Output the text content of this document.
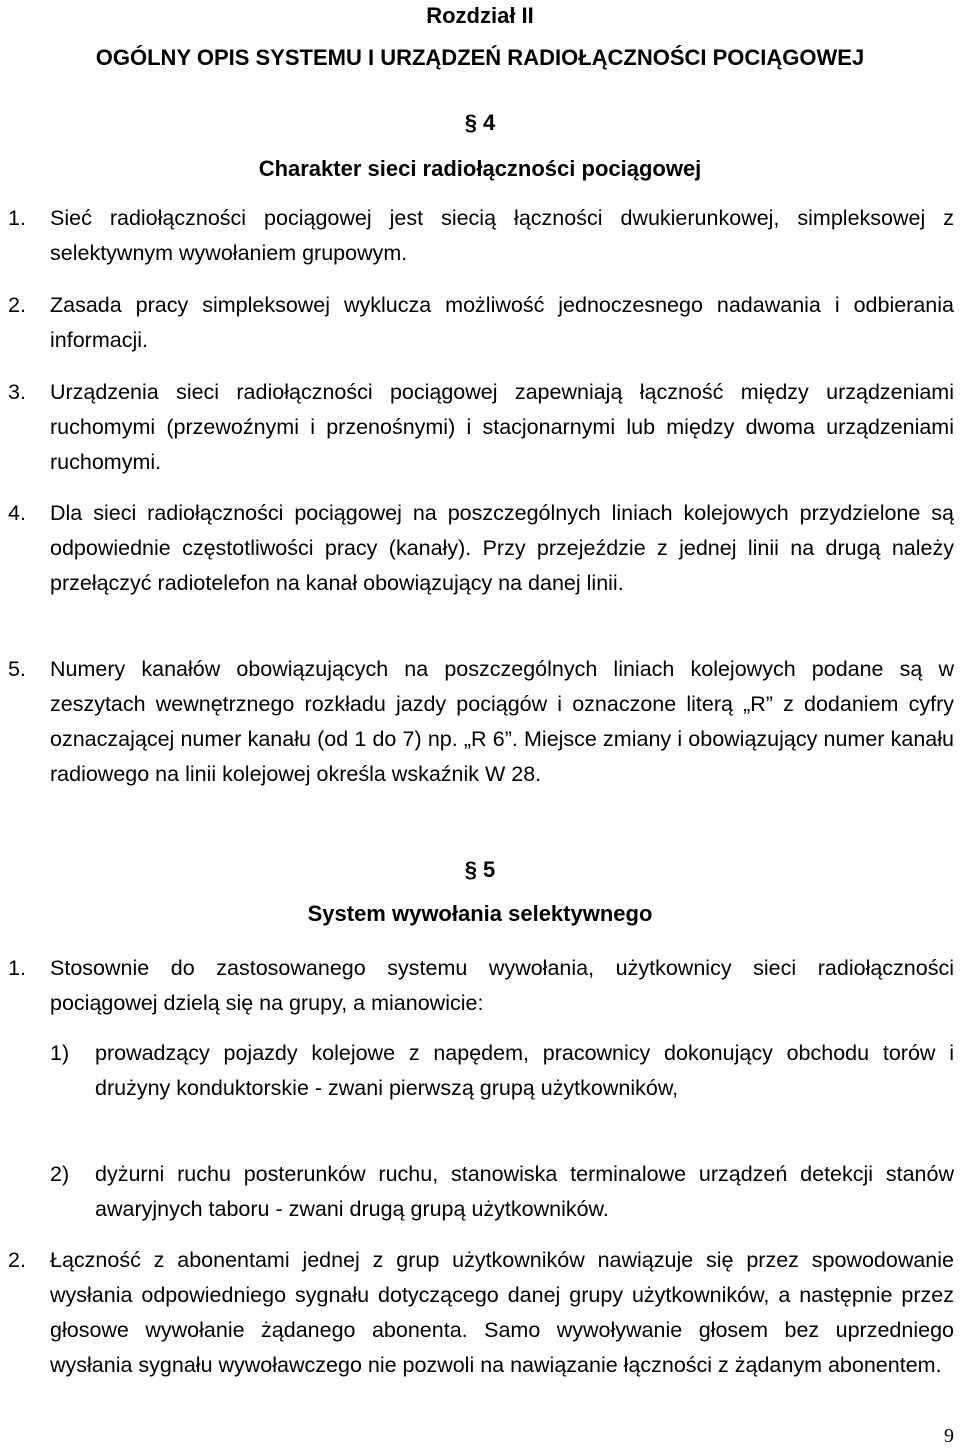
Rozdział II
OGÓLNY OPIS SYSTEMU I URZĄDZEŃ RADIOŁĄCZNOŚCI POCIĄGOWEJ
§ 4
Charakter sieci radiołączności pociągowej
1. Sieć radiołączności pociągowej jest siecią łączności dwukierunkowej, simpleksowej z selektywnym wywołaniem grupowym.
2. Zasada pracy simpleksowej wyklucza możliwość jednoczesnego nadawania i odbierania informacji.
3. Urządzenia sieci radiołączności pociągowej zapewniają łączność między urządzeniami ruchomymi (przewoźnymi i przenośnymi) i stacjonarnymi lub między dwoma urządzeniami ruchomymi.
4. Dla sieci radiołączności pociągowej na poszczególnych liniach kolejowych przydzielone są odpowiednie częstotliwości pracy (kanały). Przy przejeździe z jednej linii na drugą należy przełączyć radiotelefon na kanał obowiązujący na danej linii.
5. Numery kanałów obowiązujących na poszczególnych liniach kolejowych podane są w zeszytach wewnętrznego rozkładu jazdy pociągów i oznaczone literą „R” z dodaniem cyfry oznaczającej numer kanału (od 1 do 7) np. „R 6”. Miejsce zmiany i obowiązujący numer kanału radiowego na linii kolejowej określa wskaźnik W 28.
§ 5
System wywołania selektywnego
1. Stosownie do zastosowanego systemu wywołania, użytkownicy sieci radiołączności pociągowej dzielą się na grupy, a mianowicie:
1) prowadzący pojazdy kolejowe z napędem, pracownicy dokonujący obchodu torów i drużyny konduktorskie - zwani pierwszą grupą użytkowników,
2) dyżurni ruchu posterunków ruchu, stanowiska terminalowe urządzeń detekcji stanów awaryjnych taboru - zwani drugą grupą użytkowników.
2. Łączność z abonentami jednej z grup użytkowników nawiązuje się przez spowodowanie wysłania odpowiedniego sygnału dotyczącego danej grupy użytkowników, a następnie przez głosowe wywołanie żądanego abonenta. Samo wywoływanie głosem bez uprzedniego wysłania sygnału wywoławczego nie pozwoli na nawiązanie łączności z żądanym abonentem.
9
